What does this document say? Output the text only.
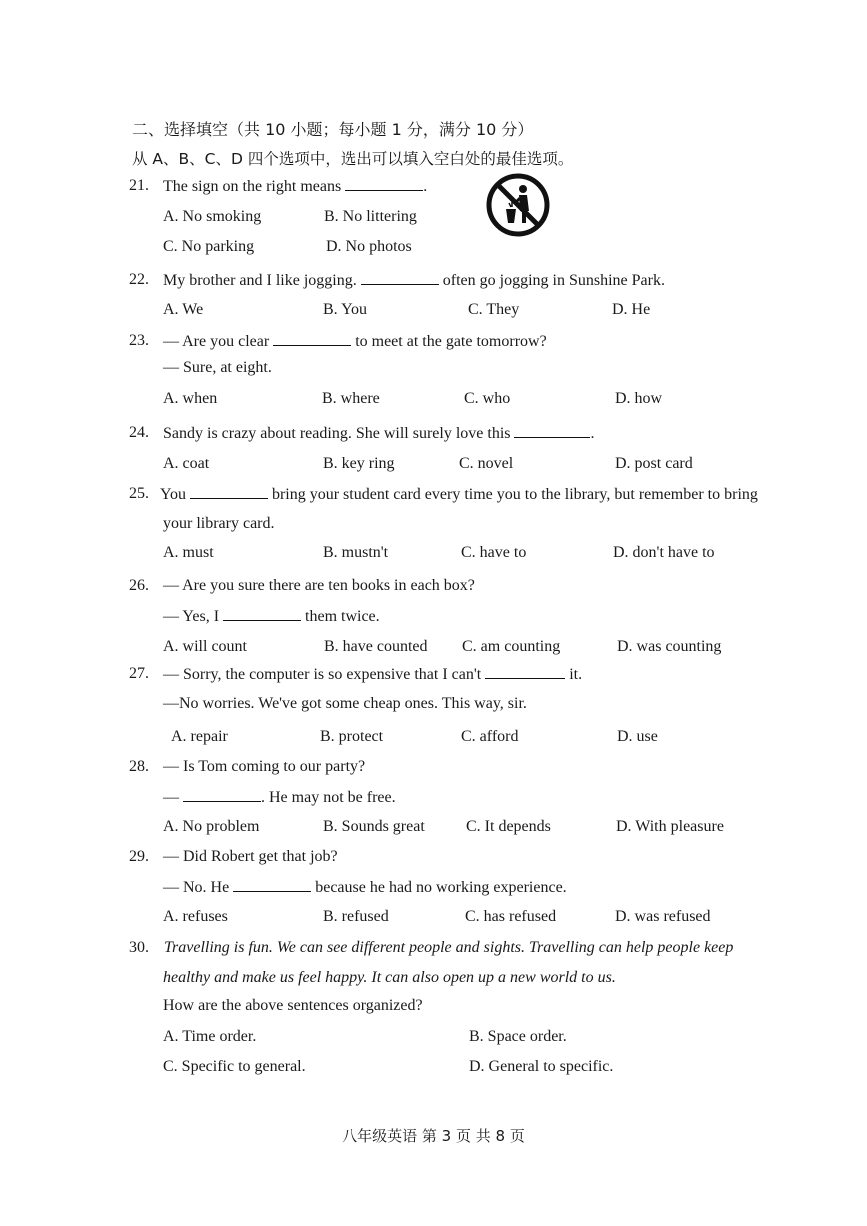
二、选择填空（共 10 小题；每小题 1 分，满分 10 分）
从 A、B、C、D 四个选项中，选出可以填入空白处的最佳选项。
21. The sign on the right means	.
A. No smoking	B. No littering
C. No parking	D. No photos
22. My brother and I like jogging.	often go jogging in Sunshine Park.
A. We	B. You	C. They	D. He
23. — Are you clear	to meet at the gate tomorrow?
— Sure, at eight.
A. when	B. where	C. who	D. how
24. Sandy is crazy about reading. She will surely love this	.
A. coat	B. key ring	C. novel	D. post card
25. You	bring your student card every time you to the library, but remember to bring
your library card.
A. must	B. mustn't	C. have to	D. don't have to
26. — Are you sure there are ten books in each box?
— Yes, I	them twice.
A. will count	B. have counted C. am counting	D. was counting
27. — Sorry, the computer is so expensive that I can't	it.
—No worries. We've got some cheap ones. This way, sir.
A. repair	B. protect	C. afford	D. use
28. — Is Tom coming to our party?
—	. He may not be free.
A. No problem	B. Sounds great	C. It depends	D. With pleasure
29. — Did Robert get that job?
— No. He	because he had no working experience.
A. refuses	B. refused	C. has refused	D. was refused
30. Travelling is fun. We can see different people and sights. Travelling can help people keep
healthy and make us feel happy. It can also open up a new world to us.
How are the above sentences organized?
A. Time order.	B. Space order.
C. Specific to general.	D. General to specific.
八年级英语 第 3 页 共 8 页
